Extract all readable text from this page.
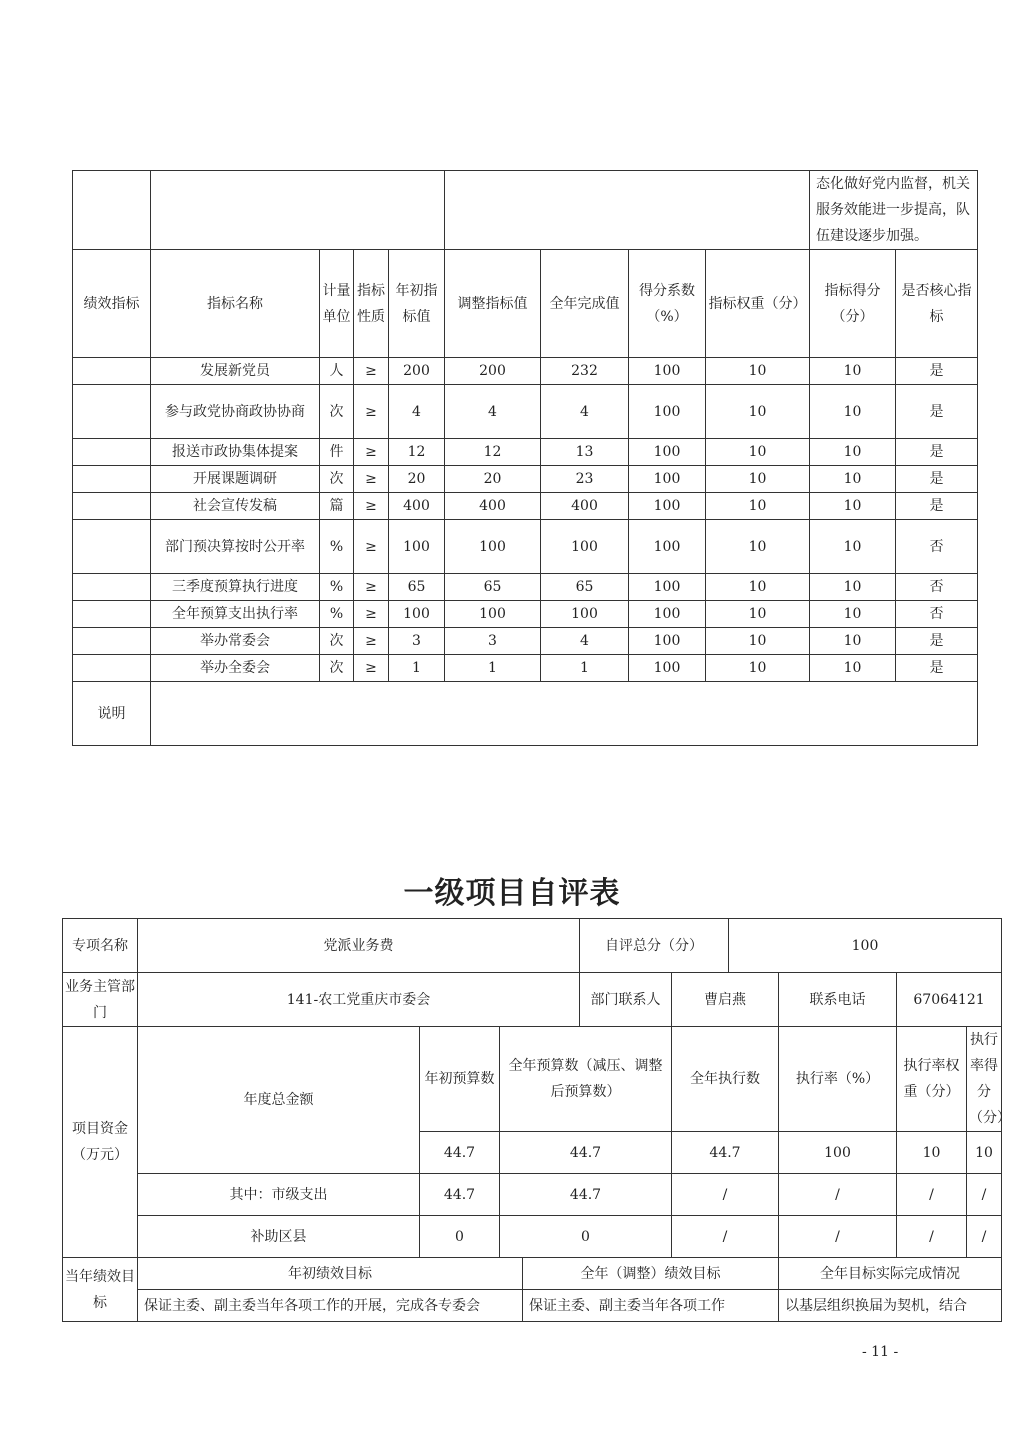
									态化做好党内监督，机关服务效能进一步提高，队伍建设逐步加强。	
绩效指标	指标名称	计量单位	指标性质	年初指标值	调整指标值	全年完成值	得分系数（%）	指标权重（分）	指标得分（分）	是否核心指标
	发展新党员	人	≥	200	200	232	100	10	10	是
	参与政党协商政协协商	次	≥	4	4	4	100	10	10	是
	报送市政协集体提案	件	≥	12	12	13	100	10	10	是
	开展课题调研	次	≥	20	20	23	100	10	10	是
	社会宣传发稿	篇	≥	400	400	400	100	10	10	是
	部门预决算按时公开率	%	≥	100	100	100	100	10	10	否
	三季度预算执行进度	%	≥	65	65	65	100	10	10	否
	全年预算支出执行率	%	≥	100	100	100	100	10	10	否
	举办常委会	次	≥	3	3	4	100	10	10	是
	举办全委会	次	≥	1	1	1	100	10	10	是
说明										
一级项目自评表
专项名称	党派业务费				自评总分（分）		100			
业务主管部门	141-农工党重庆市委会				部门联系人	曹启燕		联系电话	67064121	
项目资金（万元）	年度总金额	年初预算数	全年预算数（减压、调整后预算数）			全年执行数		执行率（%）	执行率权重（分）	执行率得分（分）
		44.7	44.7			44.7		100	10	10
	其中：市级支出	44.7	44.7			/		/	/	/
	补助区县	0	0			/		/	/	/
当年绩效目标	年初绩效目标			全年（调整）绩效目标				全年目标实际完成情况		
	保证主委、副主委当年各项工作的开展，完成各专委会			保证主委、副主委当年各项工作				以基层组织换届为契机，结合		
- 11 -
